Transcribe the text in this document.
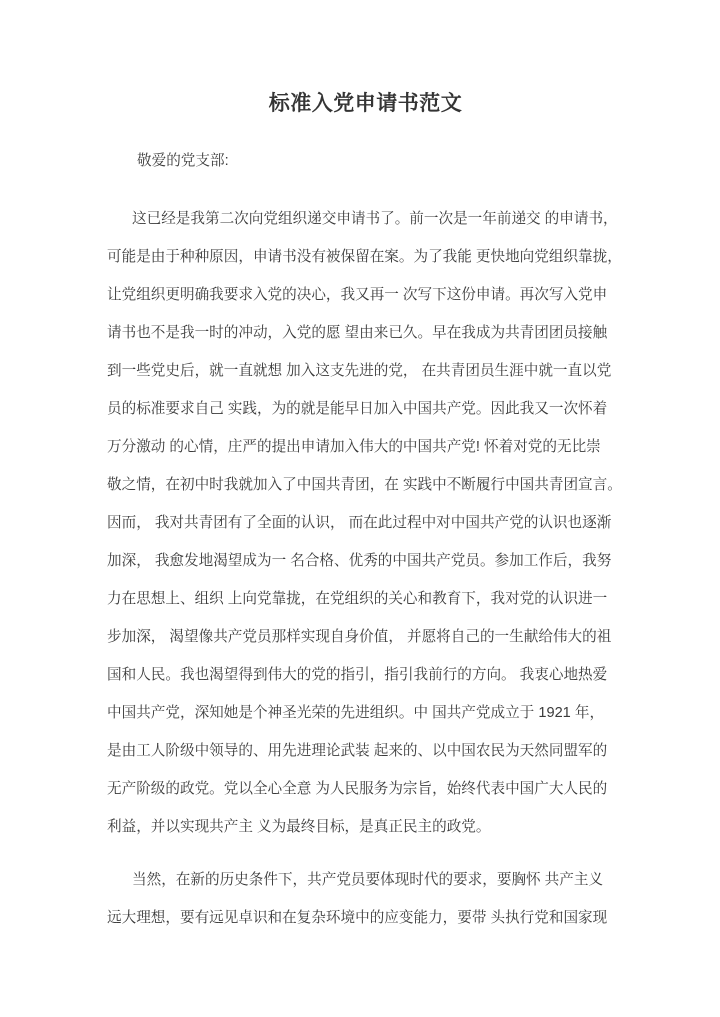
标准入党申请书范文

敬爱的党支部:

这已经是我第二次向党组织递交申请书了。前一次是一年前递交 的申请书，
可能是由于种种原因，申请书没有被保留在案。为了我能 更快地向党组织靠拢，
让党组织更明确我要求入党的决心，我又再一 次写下这份申请。再次写入党申
请书也不是我一时的冲动，入党的愿 望由来已久。早在我成为共青团团员接触
到一些党史后，就一直就想 加入这支先进的党， 在共青团员生涯中就一直以党
员的标准要求自己 实践，为的就是能早日加入中国共产党。因此我又一次怀着
万分激动 的心情，庄严的提出申请加入伟大的中国共产党! 怀着对党的无比崇
敬之情，在初中时我就加入了中国共青团，在 实践中不断履行中国共青团宣言。
因而， 我对共青团有了全面的认识， 而在此过程中对中国共产党的认识也逐渐
加深， 我愈发地渴望成为一 名合格、优秀的中国共产党员。参加工作后，我努
力在思想上、组织 上向党靠拢，在党组织的关心和教育下，我对党的认识进一
步加深， 渴望像共产党员那样实现自身价值， 并愿将自己的一生献给伟大的祖
国和人民。我也渴望得到伟大的党的指引，指引我前行的方向。 我衷心地热爱
中国共产党，深知她是个神圣光荣的先进组织。中 国共产党成立于 1921 年，
是由工人阶级中领导的、用先进理论武装 起来的、以中国农民为天然同盟军的
无产阶级的政党。党以全心全意 为人民服务为宗旨，始终代表中国广大人民的
利益，并以实现共产主 义为最终目标，是真正民主的政党。

当然，在新的历史条件下，共产党员要体现时代的要求，要胸怀 共产主义
远大理想，要有远见卓识和在复杂环境中的应变能力，要带 头执行党和国家现
